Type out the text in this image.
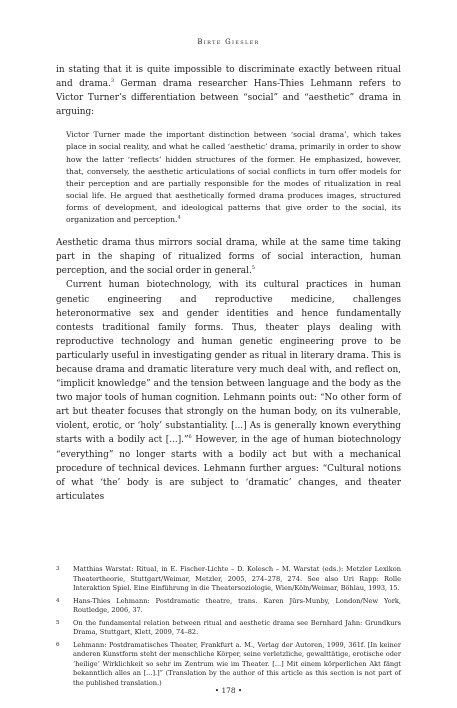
Birte Giesler

in stating that it is quite impossible to discriminate exactly between ritual and drama.$^3$ German drama researcher Hans-Thies Lehmann refers to Victor Turner’s differentiation between “social” and “aesthetic” drama in arguing:

Victor Turner made the important distinction between ‘social drama’, which takes place in social reality, and what he called ‘aesthetic’ drama, primarily in order to show how the latter ‘reflects’ hidden structures of the former. He emphasized, however, that, conversely, the aesthetic articulations of social conflicts in turn offer models for their perception and are partially responsible for the modes of ritualization in real social life. He argued that aesthetically formed drama produces images, structured forms of development, and ideological patterns that give order to the social, its organization and perception.$^4$

Aesthetic drama thus mirrors social drama, while at the same time taking part in the shaping of ritualized forms of social interaction, human perception, and the social order in general.$^5$

Current human biotechnology, with its cultural practices in human genetic engineering and reproductive medicine, challenges heteronormative sex and gender identities and hence fundamentally contests traditional family forms. Thus, theater plays dealing with reproductive technology and human genetic engineering prove to be particularly useful in investigating gender as ritual in literary drama. This is because drama and dramatic literature very much deal with, and reflect on, “implicit knowledge” and the tension between language and the body as the two major tools of human cognition. Lehmann points out: “No other form of art but theater focuses that strongly on the human body, on its vulnerable, violent, erotic, or ‘holy’ substantiality. [...] As is generally known everything starts with a bodily act [...].”$^6$ However, in the age of human biotechnology “everything” no longer starts with a bodily act but with a mechanical procedure of technical devices. Lehmann further argues: “Cultural notions of what ‘the’ body is are subject to ‘dramatic’ changes, and theater articulates

3	Matthias Warstat: Ritual, in E. Fischer-Lichte – D. Kolesch – M. Warstat (eds.): Metzler Lexikon Theatertheorie, Stuttgart/Weimar, Metzler, 2005, 274–278, 274. See also Uri Rapp: Rolle Interaktion Spiel. Eine Einführung in die Theatersoziologie, Wien/Köln/Weimar, Böhlau, 1993, 15.
4	Hans-Thies Lehmann: Postdramatic theatre, trans. Karen Jürs-Munby, London/New York, Routledge, 2006, 37.
5	On the fundamental relation between ritual and aesthetic drama see Bernhard Jahn: Grundkurs Drama, Stuttgart, Klett, 2009, 74–82.
6	Lehmann: Postdramatisches Theater, Frankfurt a. M., Verlag der Autoren, 1999, 361f. [In keiner anderen Kunstform steht der menschliche Körper, seine verletzliche, gewalttätige, erotische oder ‘heilige’ Wirklichkeit so sehr im Zentrum wie im Theater. [...] Mit einem körperlichen Akt fängt bekanntlich alles an [...].]” (Translation by the author of this article as this section is not part of the published translation.)
• 178 •
